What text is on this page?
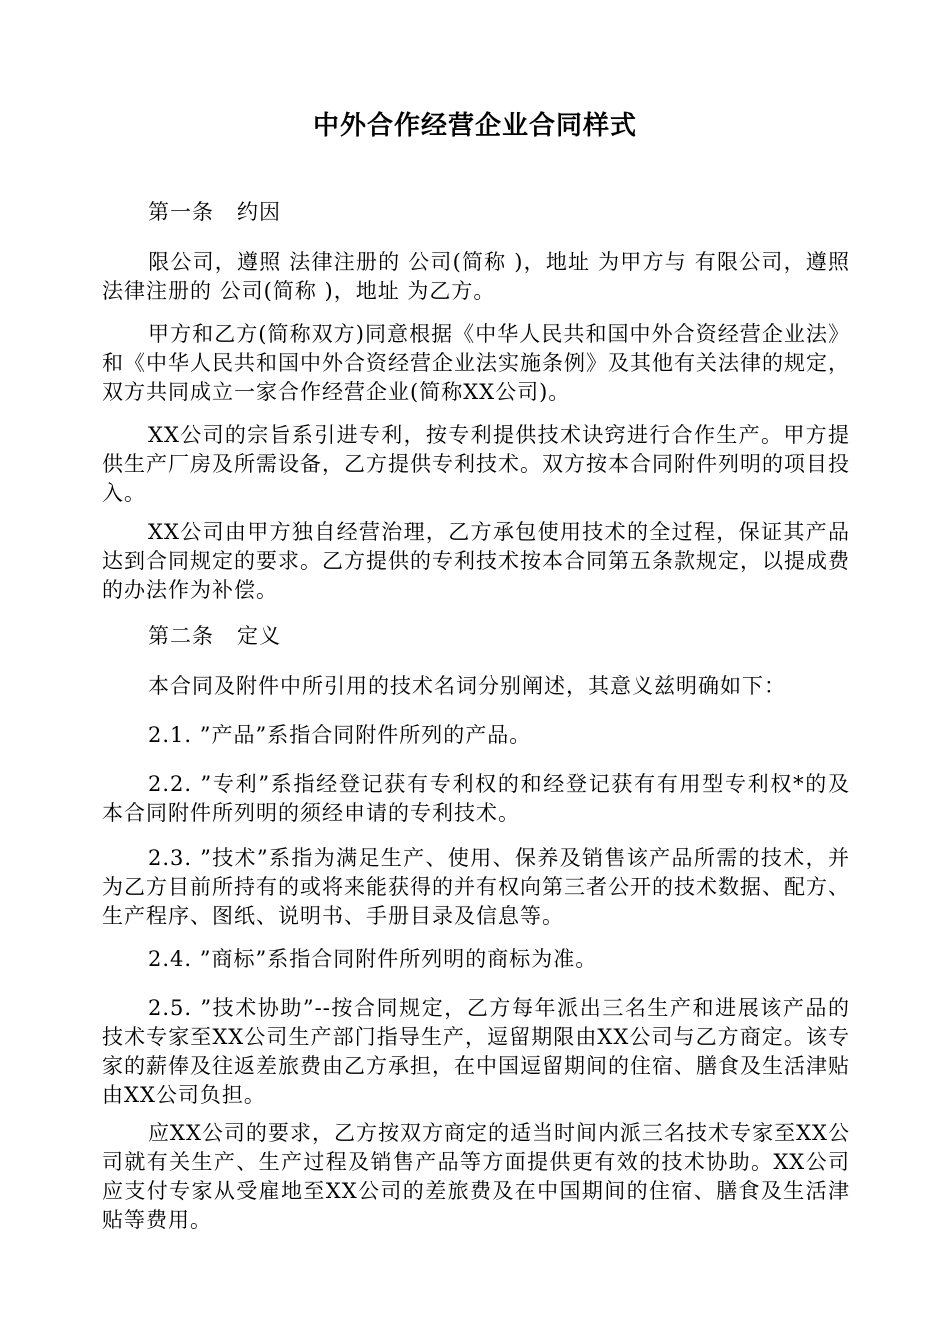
中外合作经营企业合同样式
第一条   约因
限公司，遵照 法律注册的 公司(简称 )，地址 为甲方与 有限公司，遵照 法律注册的 公司(简称 )，地址 为乙方。
甲方和乙方(简称双方)同意根据《中华人民共和国中外合资经营企业法》和《中华人民共和国中外合资经营企业法实施条例》及其他有关法律的规定，双方共同成立一家合作经营企业(简称XX公司)。
XX公司的宗旨系引进专利，按专利提供技术诀窍进行合作生产。甲方提供生产厂房及所需设备，乙方提供专利技术。双方按本合同附件列明的项目投入。
XX公司由甲方独自经营治理，乙方承包使用技术的全过程，保证其产品达到合同规定的要求。乙方提供的专利技术按本合同第五条款规定，以提成费的办法作为补偿。
第二条   定义
本合同及附件中所引用的技术名词分别阐述，其意义兹明确如下：
2.1. ”产品”系指合同附件所列的产品。
2.2. ”专利”系指经登记获有专利权的和经登记获有有用型专利权*的及本合同附件所列明的须经申请的专利技术。
2.3. ”技术”系指为满足生产、使用、保养及销售该产品所需的技术，并为乙方目前所持有的或将来能获得的并有权向第三者公开的技术数据、配方、生产程序、图纸、说明书、手册目录及信息等。
2.4. ”商标”系指合同附件所列明的商标为准。
2.5. ”技术协助”--按合同规定，乙方每年派出三名生产和进展该产品的技术专家至XX公司生产部门指导生产，逗留期限由XX公司与乙方商定。该专家的薪俸及往返差旅费由乙方承担，在中国逗留期间的住宿、膳食及生活津贴由XX公司负担。
应XX公司的要求，乙方按双方商定的适当时间内派三名技术专家至XX公司就有关生产、生产过程及销售产品等方面提供更有效的技术协助。XX公司应支付专家从受雇地至XX公司的差旅费及在中国期间的住宿、膳食及生活津贴等费用。
